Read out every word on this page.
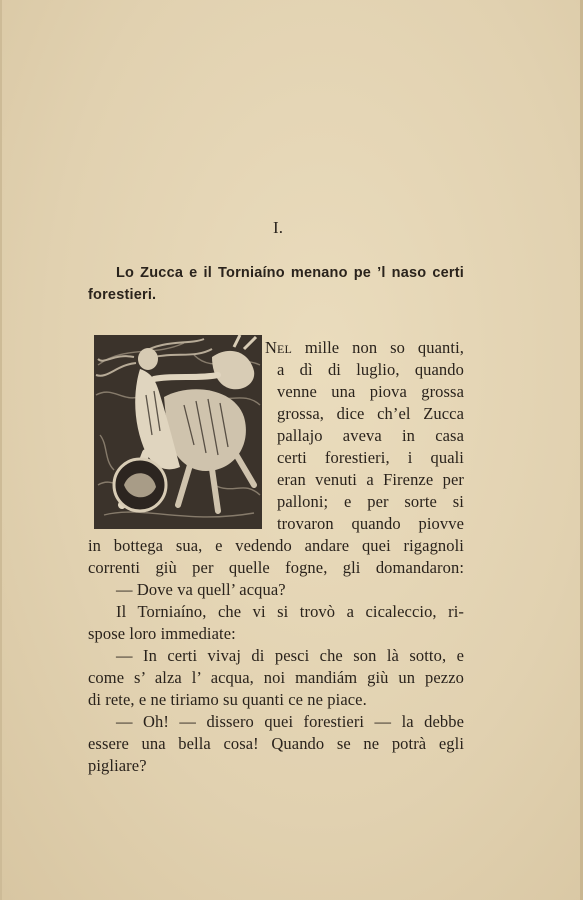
I.
Lo Zucca e il Torniaíno menano pe ’l naso certi forestieri.
Nel mille non so quanti,
a dì di luglio, quando
venne una piova grossa
grossa, dice ch’el Zucca
pallajo aveva in casa
certi forestieri, i quali
eran venuti a Firenze per
palloni; e per sorte si
trovaron quando piovve
in bottega sua, e vedendo andare quei rigagnoli
correnti giù per quelle fogne, gli domandaron:
— Dove va quell’ acqua?
Il Torniaíno, che vi si trovò a cicaleccio, ri-
spose loro immediate:
— In certi vivaj di pesci che son là sotto, e
come s’ alza l’ acqua, noi mandiám giù un pezzo
di rete, e ne tiriamo su quanti ce ne piace.
— Oh! — dissero quei forestieri — la debbe
essere una bella cosa! Quando se ne potrà egli
pigliare?
